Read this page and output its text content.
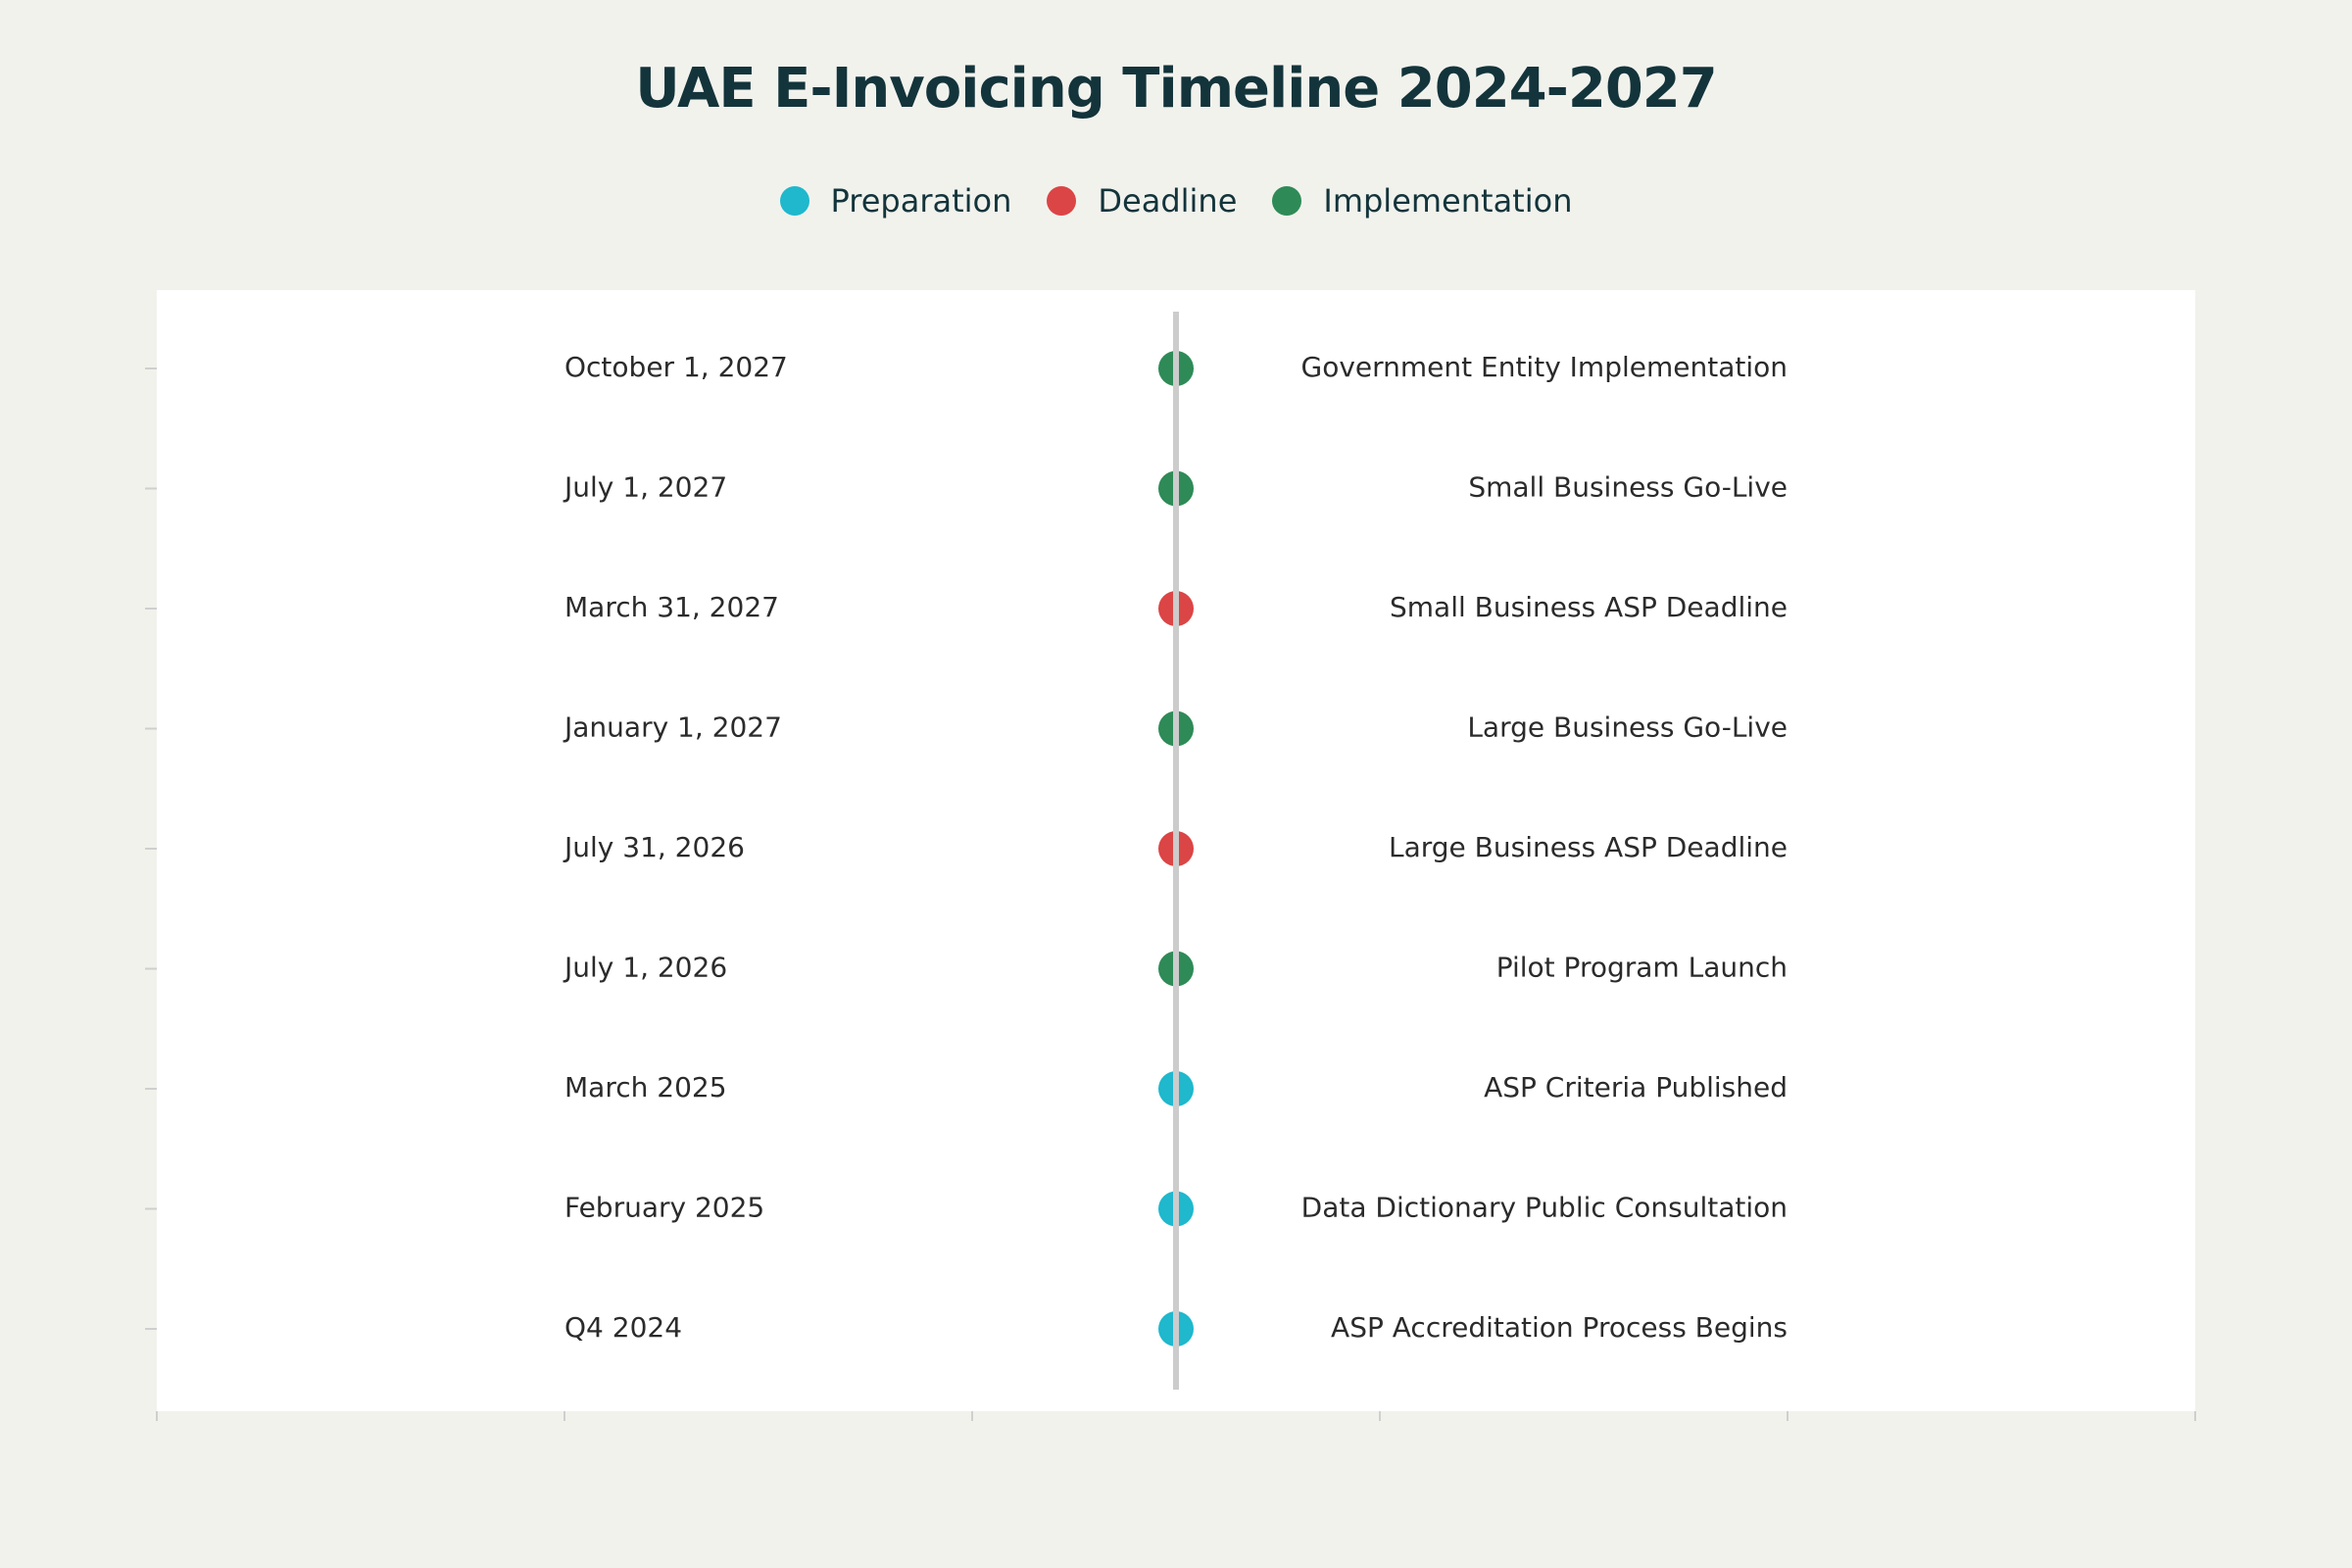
UAE E-Invoicing Timeline 2024-2027
Preparation	Deadline	Implementation
October 1, 2027	Government Entity Implementation
July 1, 2027	Small Business Go-Live
March 31, 2027	Small Business ASP Deadline
January 1, 2027	Large Business Go-Live
July 31, 2026	Large Business ASP Deadline
July 1, 2026	Pilot Program Launch
March 2025	ASP Criteria Published
February 2025	Data Dictionary Public Consultation
Q4 2024	ASP Accreditation Process Begins
